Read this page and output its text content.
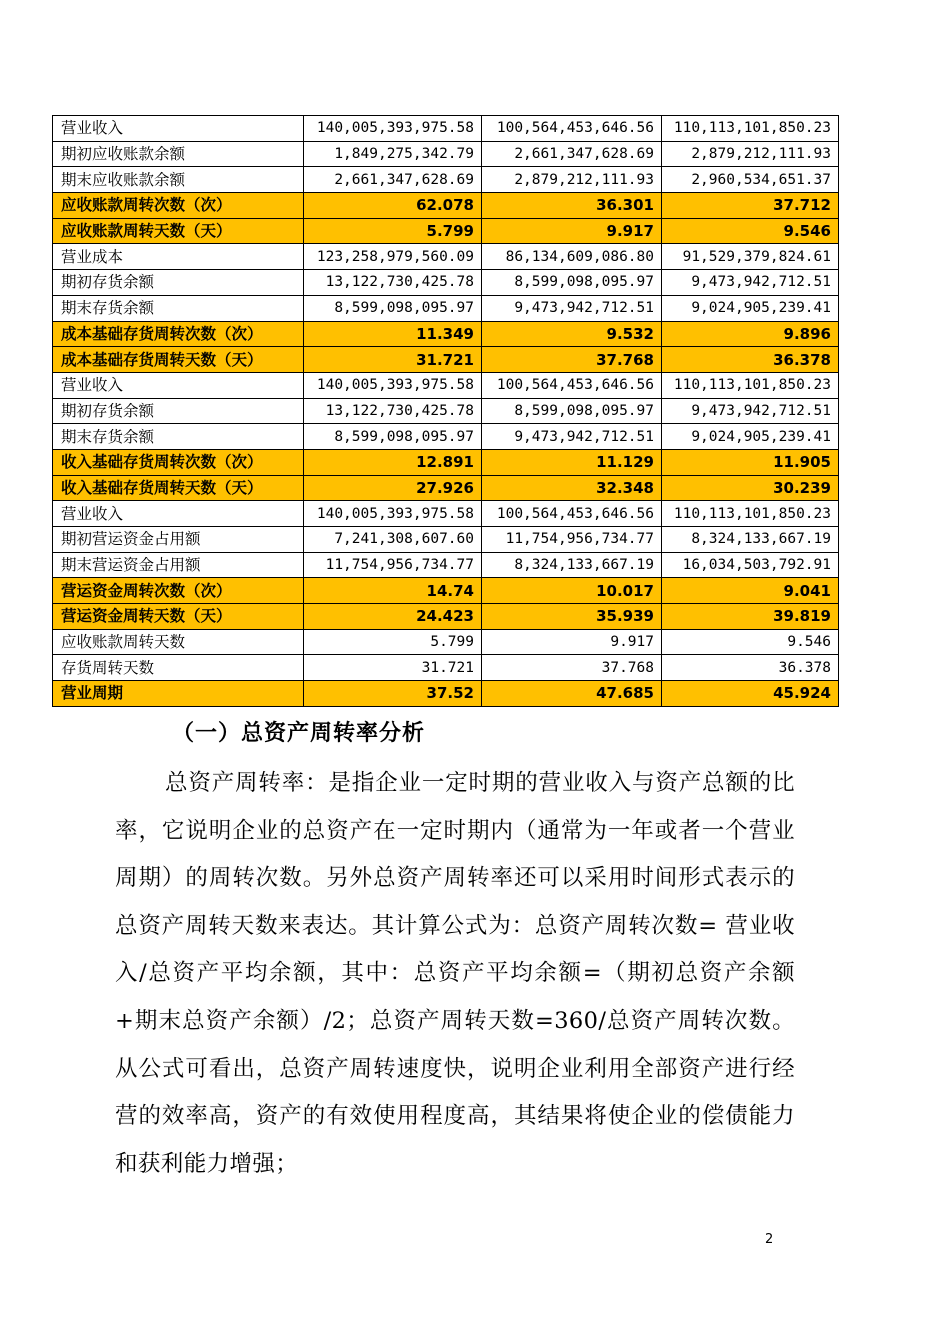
营业收入	140,005,393,975.58	100,564,453,646.56	110,113,101,850.23
期初应收账款余额	1,849,275,342.79	2,661,347,628.69	2,879,212,111.93
期末应收账款余额	2,661,347,628.69	2,879,212,111.93	2,960,534,651.37
应收账款周转次数（次）	62.078	36.301	37.712
应收账款周转天数（天）	5.799	9.917	9.546
营业成本	123,258,979,560.09	86,134,609,086.80	91,529,379,824.61
期初存货余额	13,122,730,425.78	8,599,098,095.97	9,473,942,712.51
期末存货余额	8,599,098,095.97	9,473,942,712.51	9,024,905,239.41
成本基础存货周转次数（次）	11.349	9.532	9.896
成本基础存货周转天数（天）	31.721	37.768	36.378
营业收入	140,005,393,975.58	100,564,453,646.56	110,113,101,850.23
期初存货余额	13,122,730,425.78	8,599,098,095.97	9,473,942,712.51
期末存货余额	8,599,098,095.97	9,473,942,712.51	9,024,905,239.41
收入基础存货周转次数（次）	12.891	11.129	11.905
收入基础存货周转天数（天）	27.926	32.348	30.239
营业收入	140,005,393,975.58	100,564,453,646.56	110,113,101,850.23
期初营运资金占用额	7,241,308,607.60	11,754,956,734.77	8,324,133,667.19
期末营运资金占用额	11,754,956,734.77	8,324,133,667.19	16,034,503,792.91
营运资金周转次数（次）	14.74	10.017	9.041
营运资金周转天数（天）	24.423	35.939	39.819
应收账款周转天数	5.799	9.917	9.546
存货周转天数	31.721	37.768	36.378
营业周期	37.52	47.685	45.924
（一）总资产周转率分析
总资产周转率：是指企业一定时期的营业收入与资产总额的比率，它说明企业的总资产在一定时期内（通常为一年或者一个营业周期）的周转次数。另外总资产周转率还可以采用时间形式表示的总资产周转天数来表达。其计算公式为：总资产周转次数= 营业收入/总资产平均余额，其中：总资产平均余额=（期初总资产余额+期末总资产余额）/2；总资产周转天数=360/总资产周转次数。从公式可看出，总资产周转速度快，说明企业利用全部资产进行经营的效率高，资产的有效使用程度高，其结果将使企业的偿债能力和获利能力增强；
2
